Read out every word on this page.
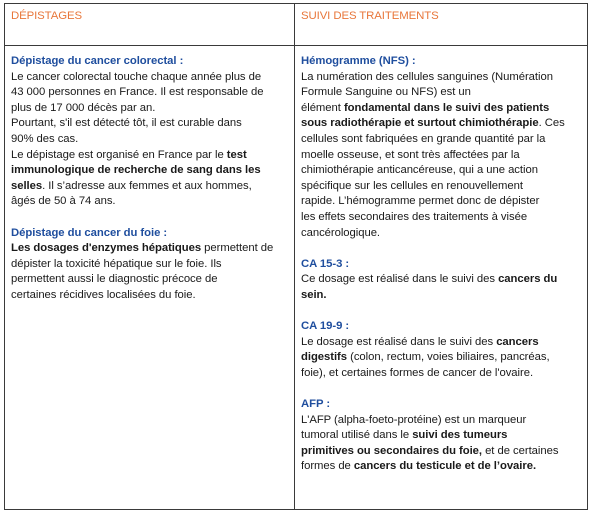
DÉPISTAGES	SUIVI DES TRAITEMENTS
Dépistage du cancer colorectal :
Le cancer colorectal touche chaque année plus de
43 000 personnes en France. Il est responsable de
plus de 17 000 décès par an.
Pourtant, s'il est détecté tôt, il est curable dans
90% des cas.
Le dépistage est organisé en France par le test
immunologique de recherche de sang dans les
selles. Il s’adresse aux femmes et aux hommes,
âgés de 50 à 74 ans.
Dépistage du cancer du foie :
Les dosages d'enzymes hépatiques permettent de
dépister la toxicité hépatique sur le foie. Ils
permettent aussi le diagnostic précoce de
certaines récidives localisées du foie.
Hémogramme (NFS) :
La numération des cellules sanguines (Numération
Formule Sanguine ou NFS) est un
élément fondamental dans le suivi des patients
sous radiothérapie et surtout chimiothérapie. Ces
cellules sont fabriquées en grande quantité par la
moelle osseuse, et sont très affectées par la
chimiothérapie anticancéreuse, qui a une action
spécifique sur les cellules en renouvellement
rapide. L’hémogramme permet donc de dépister
les effets secondaires des traitements à visée
cancérologique.
CA 15-3 :
Ce dosage est réalisé dans le suivi des cancers du
sein.
CA 19-9 :
Le dosage est réalisé dans le suivi des cancers
digestifs (colon, rectum, voies biliaires, pancréas,
foie), et certaines formes de cancer de l'ovaire.
AFP :
L'AFP (alpha-foeto-protéine) est un marqueur
tumoral utilisé dans le suivi des tumeurs
primitives ou secondaires du foie, et de certaines
formes de cancers du testicule et de l’ovaire.
